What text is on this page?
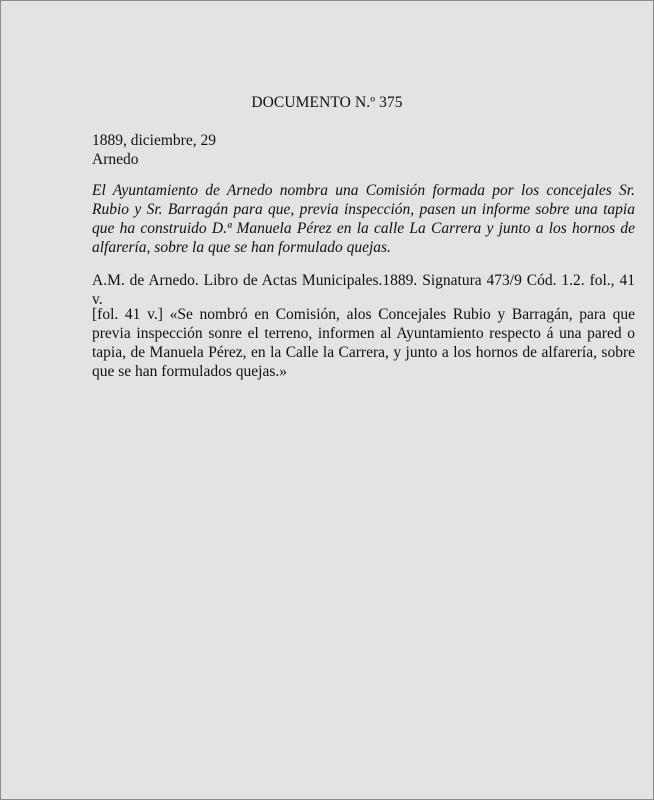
DOCUMENTO N.º 375
1889, diciembre, 29
Arnedo
El Ayuntamiento de Arnedo nombra una Comisión formada por los concejales Sr. Rubio y Sr. Barragán para que, previa inspección, pasen un informe sobre una tapia que ha construido D.ª Manuela Pérez en la calle La Carrera y junto a los hornos de alfarería, sobre la que se han formulado quejas.
A.M. de Arnedo. Libro de Actas Municipales.1889. Signatura 473/9 Cód. 1.2. fol., 41 v.
[fol. 41 v.] «Se nombró en Comisión, alos Concejales Rubio y Barragán, para que previa inspección sonre el terreno, informen al Ayuntamiento respecto á una pared o tapia, de Manuela Pérez, en la Calle la Carrera, y junto a los hornos de alfarería, sobre que se han formulados quejas.»
